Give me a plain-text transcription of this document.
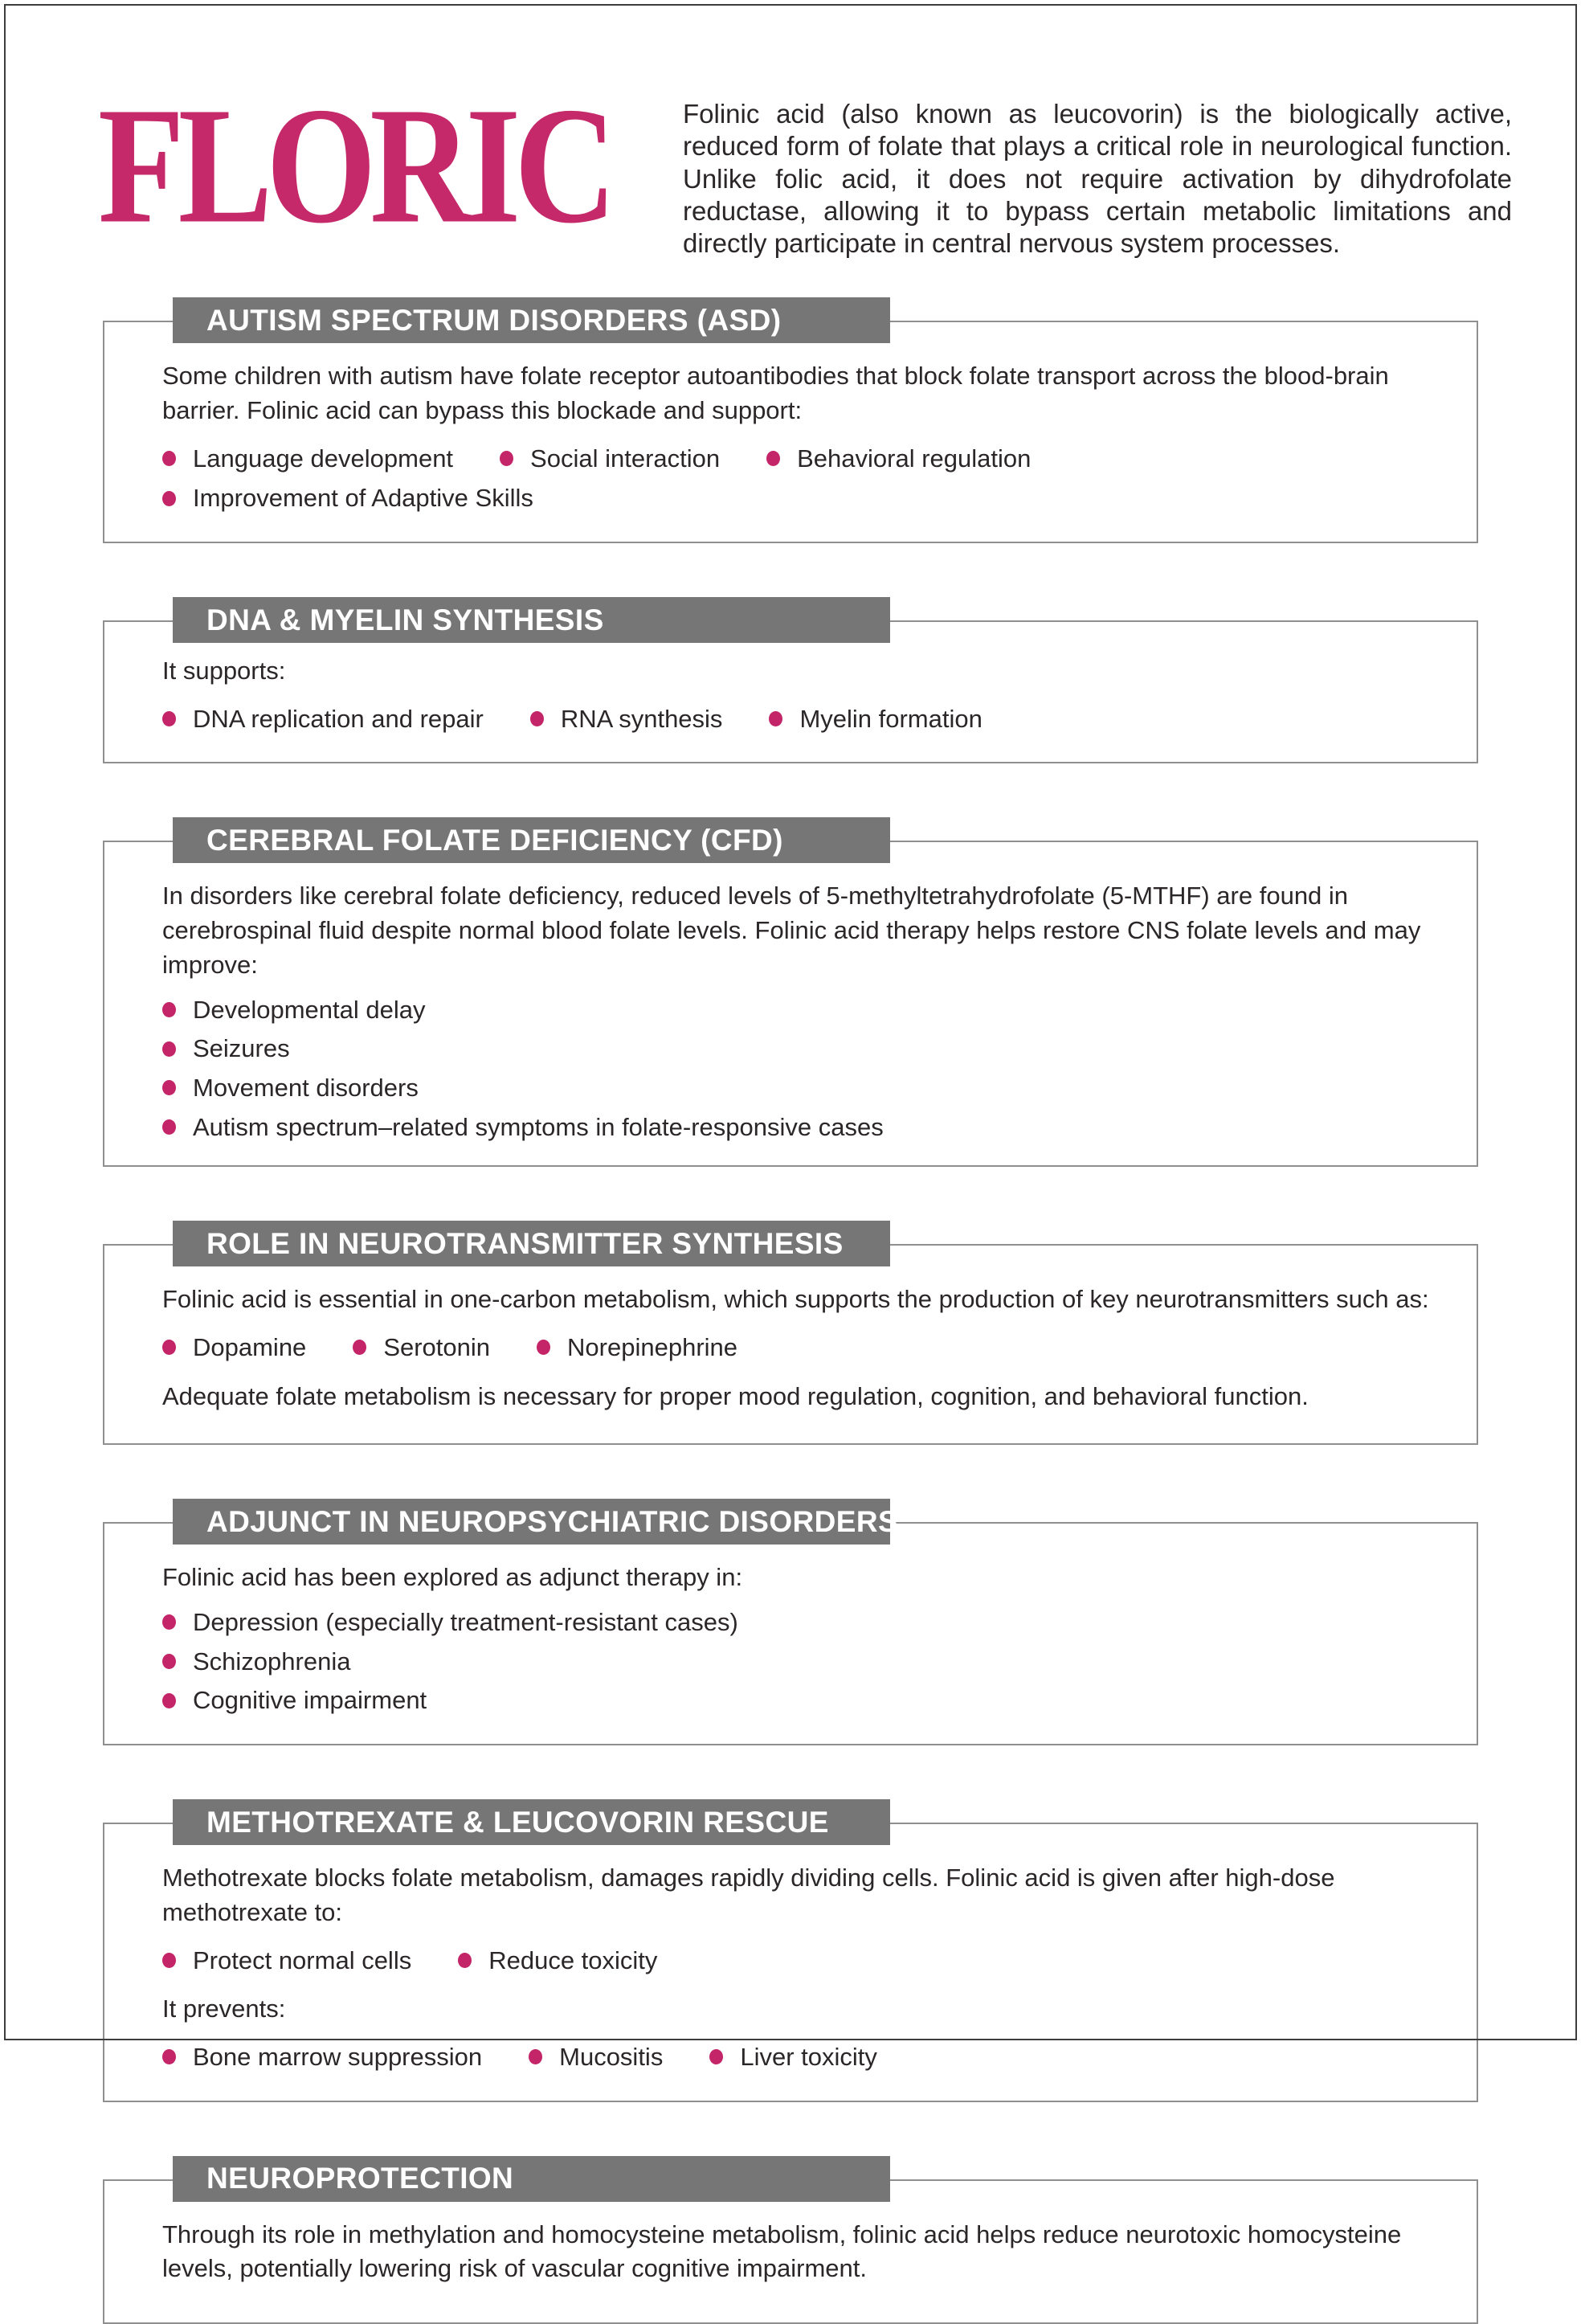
FLORIC	Folinic acid (also known as leucovorin) is the biologically active, reduced form of folate that plays a critical role in neurological function. Unlike folic acid, it does not require activation by dihydrofolate reductase, allowing it to bypass certain metabolic limitations and directly participate in central nervous system processes.
AUTISM SPECTRUM DISORDERS (ASD)

Some children with autism have folate receptor autoantibodies that block folate transport across the blood-brain barrier. Folinic acid can bypass this blockade and support:

Language development	Social interaction	Behavioral regulation
Improvement of Adaptive Skills
DNA & MYELIN SYNTHESIS

It supports:

DNA replication and repair	RNA synthesis	Myelin formation
CEREBRAL FOLATE DEFICIENCY (CFD)

In disorders like cerebral folate deficiency, reduced levels of 5-methyltetrahydrofolate (5-MTHF) are found in cerebrospinal fluid despite normal blood folate levels. Folinic acid therapy helps restore CNS folate levels and may improve:

Developmental delay
Seizures
Movement disorders
Autism spectrum–related symptoms in folate-responsive cases
ROLE IN NEUROTRANSMITTER SYNTHESIS

Folinic acid is essential in one-carbon metabolism, which supports the production of key neurotransmitters such as:

Dopamine	Serotonin	Norepinephrine

Adequate folate metabolism is necessary for proper mood regulation, cognition, and behavioral function.

ADJUNCT IN NEUROPSYCHIATRIC DISORDERS

Folinic acid has been explored as adjunct therapy in:

Depression (especially treatment-resistant cases)
Schizophrenia
Cognitive impairment
METHOTREXATE & LEUCOVORIN RESCUE

Methotrexate blocks folate metabolism, damages rapidly dividing cells. Folinic acid is given after high-dose methotrexate to:

Protect normal cells	Reduce toxicity

It prevents:

Bone marrow suppression	Mucositis	Liver toxicity
NEUROPROTECTION

Through its role in methylation and homocysteine metabolism, folinic acid helps reduce neurotoxic homocysteine levels, potentially lowering risk of vascular cognitive impairment.
